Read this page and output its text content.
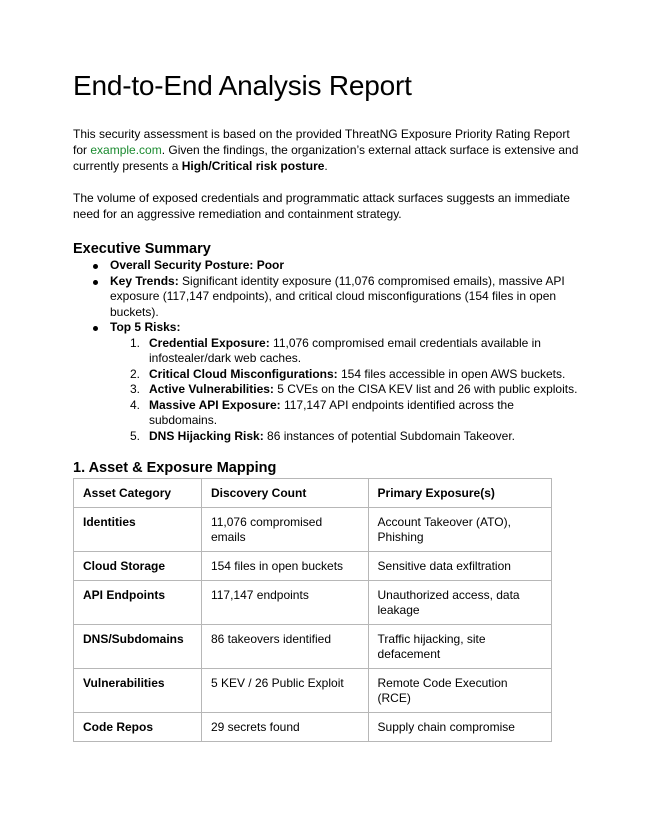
End-to-End Analysis Report

This security assessment is based on the provided ThreatNG Exposure Priority Rating Report for example.com. Given the findings, the organization’s external attack surface is extensive and currently presents a High/Critical risk posture.

The volume of exposed credentials and programmatic attack surfaces suggests an immediate need for an aggressive remediation and containment strategy.

Executive Summary
Overall Security Posture: Poor
Key Trends: Significant identity exposure (11,076 compromised emails), massive API exposure (117,147 endpoints), and critical cloud misconfigurations (154 files in open buckets).
Top 5 Risks:
1. Credential Exposure: 11,076 compromised email credentials available in infostealer/dark web caches.
2. Critical Cloud Misconfigurations: 154 files accessible in open AWS buckets.
3. Active Vulnerabilities: 5 CVEs on the CISA KEV list and 26 with public exploits.
4. Massive API Exposure: 117,147 API endpoints identified across the subdomains.
5. DNS Hijacking Risk: 86 instances of potential Subdomain Takeover.
1. Asset & Exposure Mapping
Asset Category	Discovery Count	Primary Exposure(s)
Identities	11,076 compromised emails	Account Takeover (ATO), Phishing
Cloud Storage	154 files in open buckets	Sensitive data exfiltration
API Endpoints	117,147 endpoints	Unauthorized access, data leakage
DNS/Subdomains	86 takeovers identified	Traffic hijacking, site defacement
Vulnerabilities	5 KEV / 26 Public Exploit	Remote Code Execution (RCE)
Code Repos	29 secrets found	Supply chain compromise
